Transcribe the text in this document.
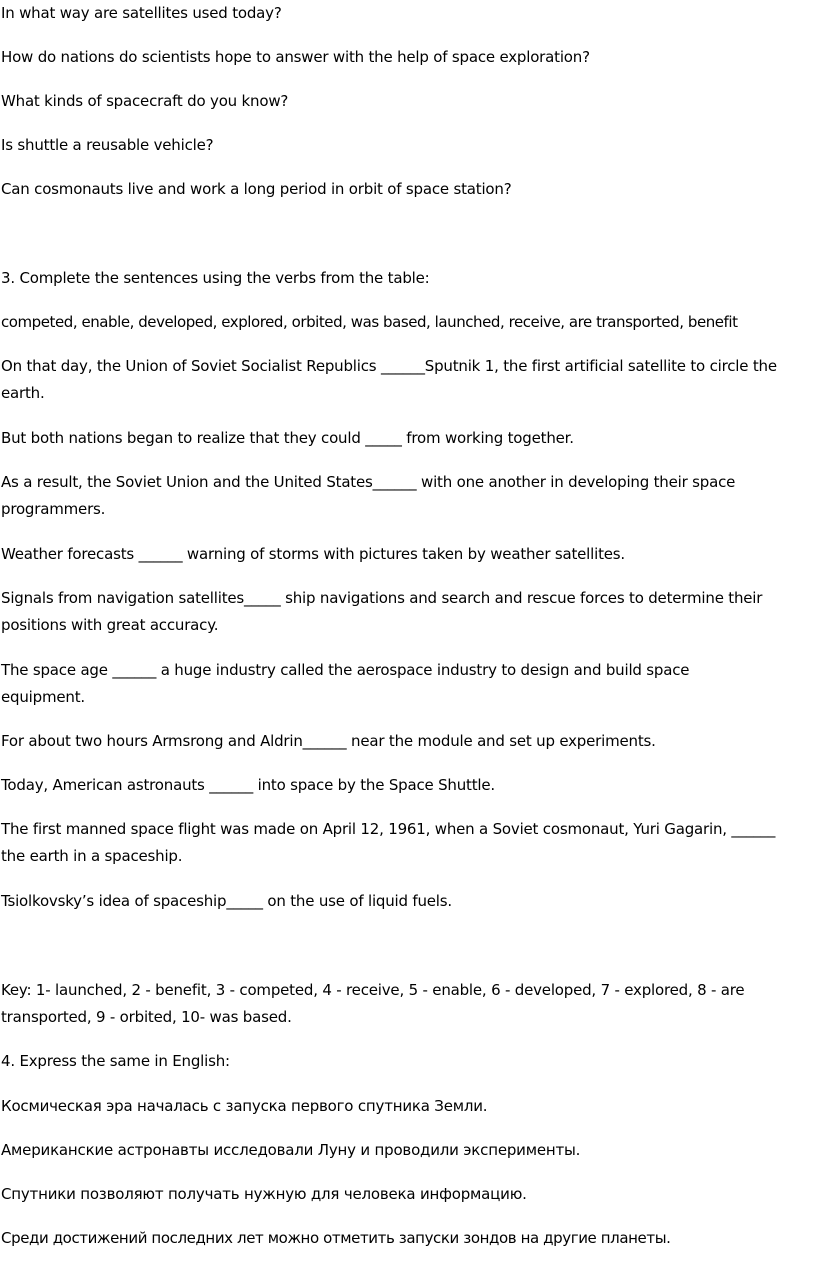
In what way are satellites used today?

How do nations do scientists hope to answer with the help of space exploration?

What kinds of spacecraft do you know?

Is shuttle a reusable vehicle?

Can cosmonauts live and work a long period in orbit of space station?

3. Complete the sentences using the verbs from the table:

competed, enable, developed, explored, orbited, was based, launched, receive, are transported, benefit

On that day, the Union of Soviet Socialist Republics ______Sputnik 1, the first artificial satellite to circle the earth.

But both nations began to realize that they could _____ from working together.

As a result, the Soviet Union and the United States______ with one another in developing their space programmers.

Weather forecasts ______ warning of storms with pictures taken by weather satellites.

Signals from navigation satellites_____ ship navigations and search and rescue forces to determine their positions with great accuracy.

The space age ______ a huge industry called the aerospace industry to design and build space equipment.

For about two hours Armsrong and Aldrin______ near the module and set up experiments.

Today, American astronauts ______ into space by the Space Shuttle.

The first manned space flight was made on April 12, 1961, when a Soviet cosmonaut, Yuri Gagarin, ______ the earth in a spaceship.

Tsiolkovsky’s idea of spaceship_____ on the use of liquid fuels.

Key: 1- launched, 2 - benefit, 3 - competed, 4 - receive, 5 - enable, 6 - developed, 7 - explored, 8 - are transported, 9 - orbited, 10- was based.

4. Express the same in English:

Космическая эра началась с запуска первого спутника Земли.

Американские астронавты исследовали Луну и проводили эксперименты.

Спутники позволяют получать нужную для человека информацию.

Среди достижений последних лет можно отметить запуски зондов на другие планеты.
